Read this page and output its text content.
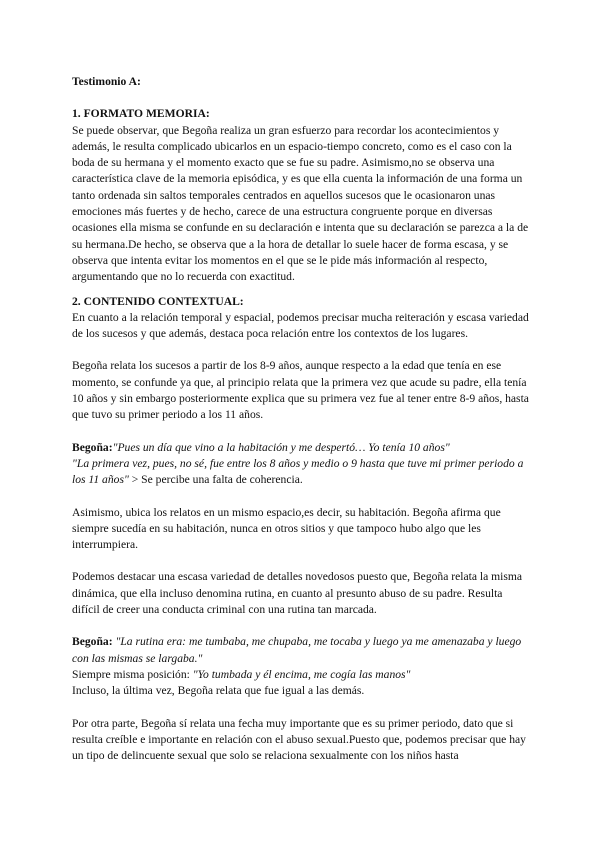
Testimonio A:

1. FORMATO MEMORIA:

Se puede observar, que Begoña realiza un gran esfuerzo para recordar los acontecimientos y además, le resulta complicado ubicarlos en un espacio-tiempo concreto, como es el caso con la boda de su hermana y el momento exacto que se fue su padre. Asimismo,no se observa una característica clave de la memoria episódica, y es que ella cuenta la información de una forma un tanto ordenada sin saltos temporales centrados en aquellos sucesos que le ocasionaron unas emociones más fuertes y de hecho, carece de una estructura congruente porque en diversas ocasiones ella misma se confunde en su declaración e intenta que su declaración se parezca a la de su hermana.De hecho, se observa que a la hora de detallar lo suele hacer de forma escasa, y se observa que intenta evitar los momentos en el que se le pide más información al respecto, argumentando que no lo recuerda con exactitud.

2. CONTENIDO CONTEXTUAL:

En cuanto a la relación temporal y espacial, podemos precisar mucha reiteración y escasa variedad de los sucesos y que además, destaca poca relación entre los contextos de los lugares.

Begoña relata los sucesos a partir de los 8-9 años, aunque respecto a la edad que tenía en ese momento, se confunde ya que, al principio relata que la primera vez que acude su padre, ella tenía 10 años y sin embargo posteriormente explica que su primera vez fue al tener entre 8-9 años, hasta que tuvo su primer periodo a los 11 años.

Begoña:"Pues un día que vino a la habitación y me despertó… Yo tenía 10 años"
"La primera vez, pues, no sé, fue entre los 8 años y medio o 9 hasta que tuve mi primer periodo a los 11 años" > Se percibe una falta de coherencia.

Asimismo, ubica los relatos en un mismo espacio,es decir, su habitación. Begoña afirma que siempre sucedía en su habitación, nunca en otros sitios y que tampoco hubo algo que les interrumpiera.

Podemos destacar una escasa variedad de detalles novedosos puesto que, Begoña relata la misma dinámica, que ella incluso denomina rutina, en cuanto al presunto abuso de su padre. Resulta difícil de creer una conducta criminal con una rutina tan marcada.

Begoña: "La rutina era: me tumbaba, me chupaba, me tocaba y luego ya me amenazaba y luego con las mismas se largaba."
Siempre misma posición: "Yo tumbada y él encima, me cogía las manos"
Incluso, la última vez, Begoña relata que fue igual a las demás.

Por otra parte, Begoña sí relata una fecha muy importante que es su primer periodo, dato que si resulta creíble e importante en relación con el abuso sexual.Puesto que, podemos precisar que hay un tipo de delincuente sexual que solo se relaciona sexualmente con los niños hasta
